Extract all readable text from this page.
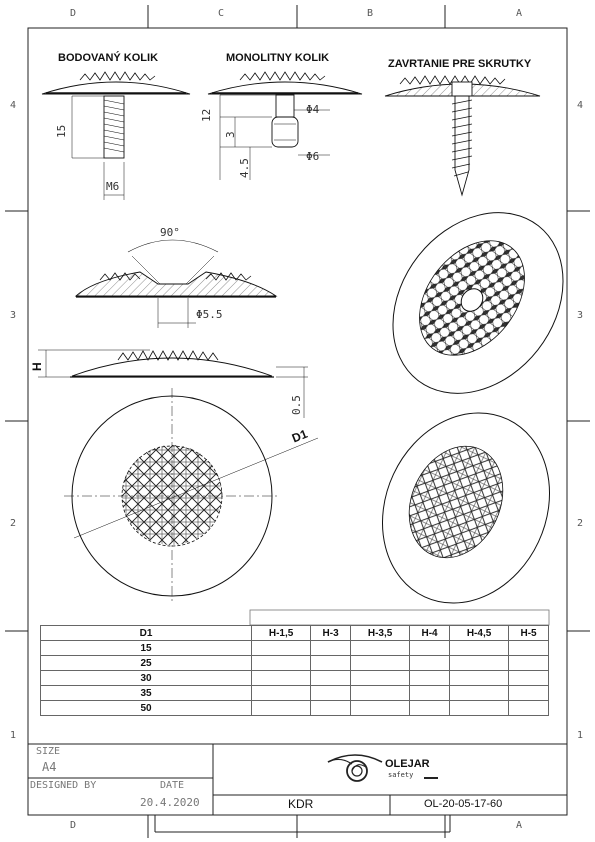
D	C	B	A
D	A
4
3
2
1
4
3
2
1
BODOVANÝ KOLIK	MONOLITNY KOLIK	ZAVRTANIE PRE SKRUTKY
15
M6
12
3
4.5
Φ4
Φ6
90°
Φ5.5
H
0.5
D1
D1	H-1,5	H-3	H-3,5	H-4	H-4,5	H-5
15						
25						
30						
35						
50						
SIZE
A4
DESIGNED BY	DATE
20.4.2020
OLEJAR
safety
KDR	OL-20-05-17-60
